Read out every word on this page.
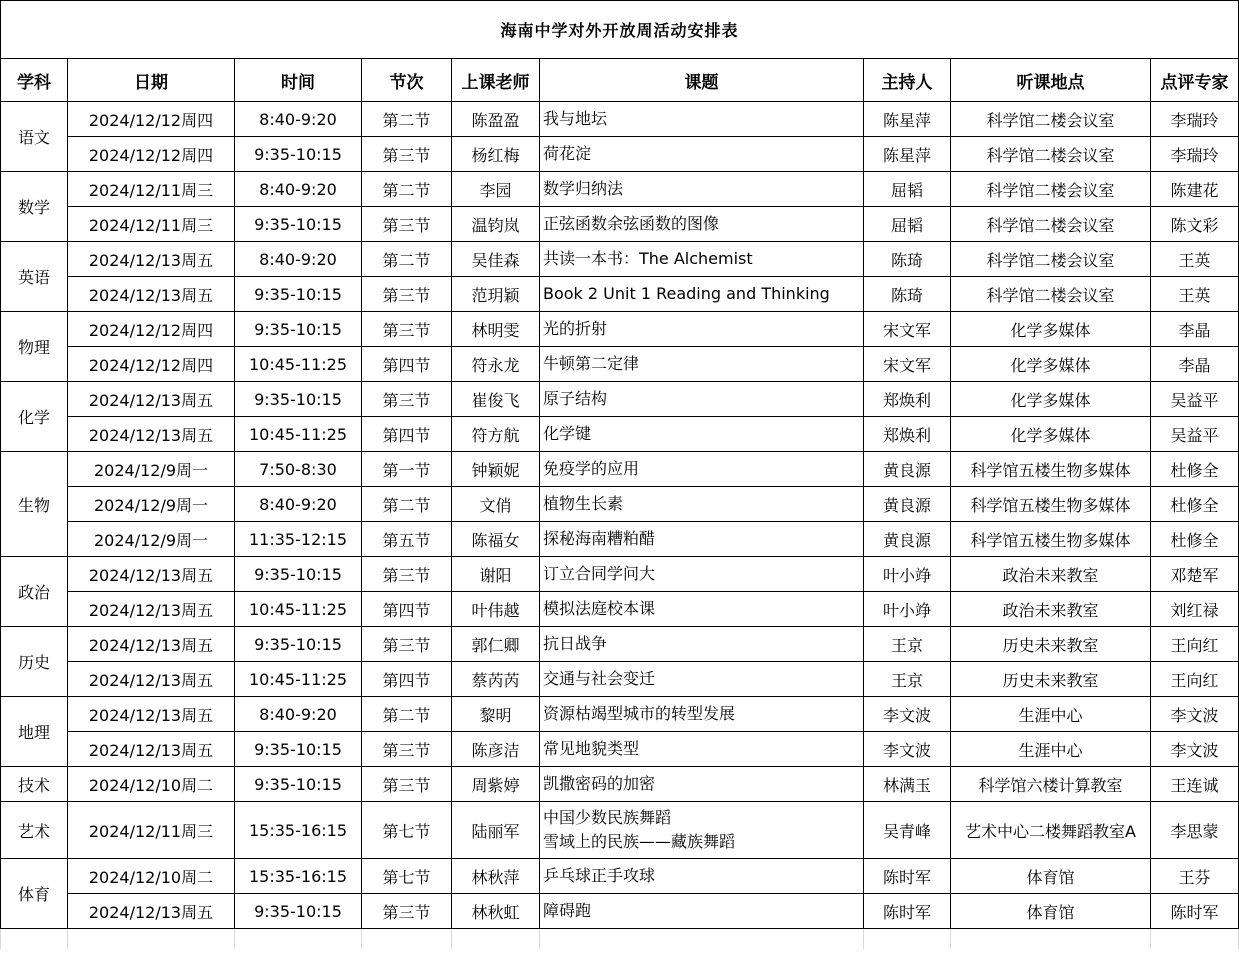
海南中学对外开放周活动安排表								
学科	日期	时间	节次	上课老师	课题	主持人	听课地点	点评专家
语文	2024/12/12周四	8:40-9:20	第二节	陈盈盈	我与地坛	陈星萍	科学馆二楼会议室	李瑞玲
	2024/12/12周四	9:35-10:15	第三节	杨红梅	荷花淀	陈星萍	科学馆二楼会议室	李瑞玲
数学	2024/12/11周三	8:40-9:20	第二节	李园	数学归纳法	屈韬	科学馆二楼会议室	陈建花
	2024/12/11周三	9:35-10:15	第三节	温钧岚	正弦函数余弦函数的图像	屈韬	科学馆二楼会议室	陈文彩
英语	2024/12/13周五	8:40-9:20	第二节	吴佳森	共读一本书：The Alchemist	陈琦	科学馆二楼会议室	王英
	2024/12/13周五	9:35-10:15	第三节	范玥颖	Book 2 Unit 1 Reading and Thinking	陈琦	科学馆二楼会议室	王英
物理	2024/12/12周四	9:35-10:15	第三节	林明雯	光的折射	宋文军	化学多媒体	李晶
	2024/12/12周四	10:45-11:25	第四节	符永龙	牛顿第二定律	宋文军	化学多媒体	李晶
化学	2024/12/13周五	9:35-10:15	第三节	崔俊飞	原子结构	郑焕利	化学多媒体	吴益平
	2024/12/13周五	10:45-11:25	第四节	符方航	化学键	郑焕利	化学多媒体	吴益平
生物	2024/12/9周一	7:50-8:30	第一节	钟颖妮	免疫学的应用	黄良源	科学馆五楼生物多媒体	杜修全
	2024/12/9周一	8:40-9:20	第二节	文俏	植物生长素	黄良源	科学馆五楼生物多媒体	杜修全
	2024/12/9周一	11:35-12:15	第五节	陈福女	探秘海南糟粕醋	黄良源	科学馆五楼生物多媒体	杜修全
政治	2024/12/13周五	9:35-10:15	第三节	谢阳	订立合同学问大	叶小竫	政治未来教室	邓楚军
	2024/12/13周五	10:45-11:25	第四节	叶伟越	模拟法庭校本课	叶小竫	政治未来教室	刘红禄
历史	2024/12/13周五	9:35-10:15	第三节	郭仁卿	抗日战争	王京	历史未来教室	王向红
	2024/12/13周五	10:45-11:25	第四节	蔡芮芮	交通与社会变迁	王京	历史未来教室	王向红
地理	2024/12/13周五	8:40-9:20	第二节	黎明	资源枯竭型城市的转型发展	李文波	生涯中心	李文波
	2024/12/13周五	9:35-10:15	第三节	陈彦洁	常见地貌类型	李文波	生涯中心	李文波
技术	2024/12/10周二	9:35-10:15	第三节	周紫婷	凯撒密码的加密	林满玉	科学馆六楼计算教室	王连诚
艺术	2024/12/11周三	15:35-16:15	第七节	陆丽军	中国少数民族舞蹈
雪域上的民族——藏族舞蹈	吴青峰	艺术中心二楼舞蹈教室A	李思蒙
体育	2024/12/10周二	15:35-16:15	第七节	林秋萍	乒乓球正手攻球	陈时军	体育馆	王芬
	2024/12/13周五	9:35-10:15	第三节	林秋虹	障碍跑	陈时军	体育馆	陈时军
